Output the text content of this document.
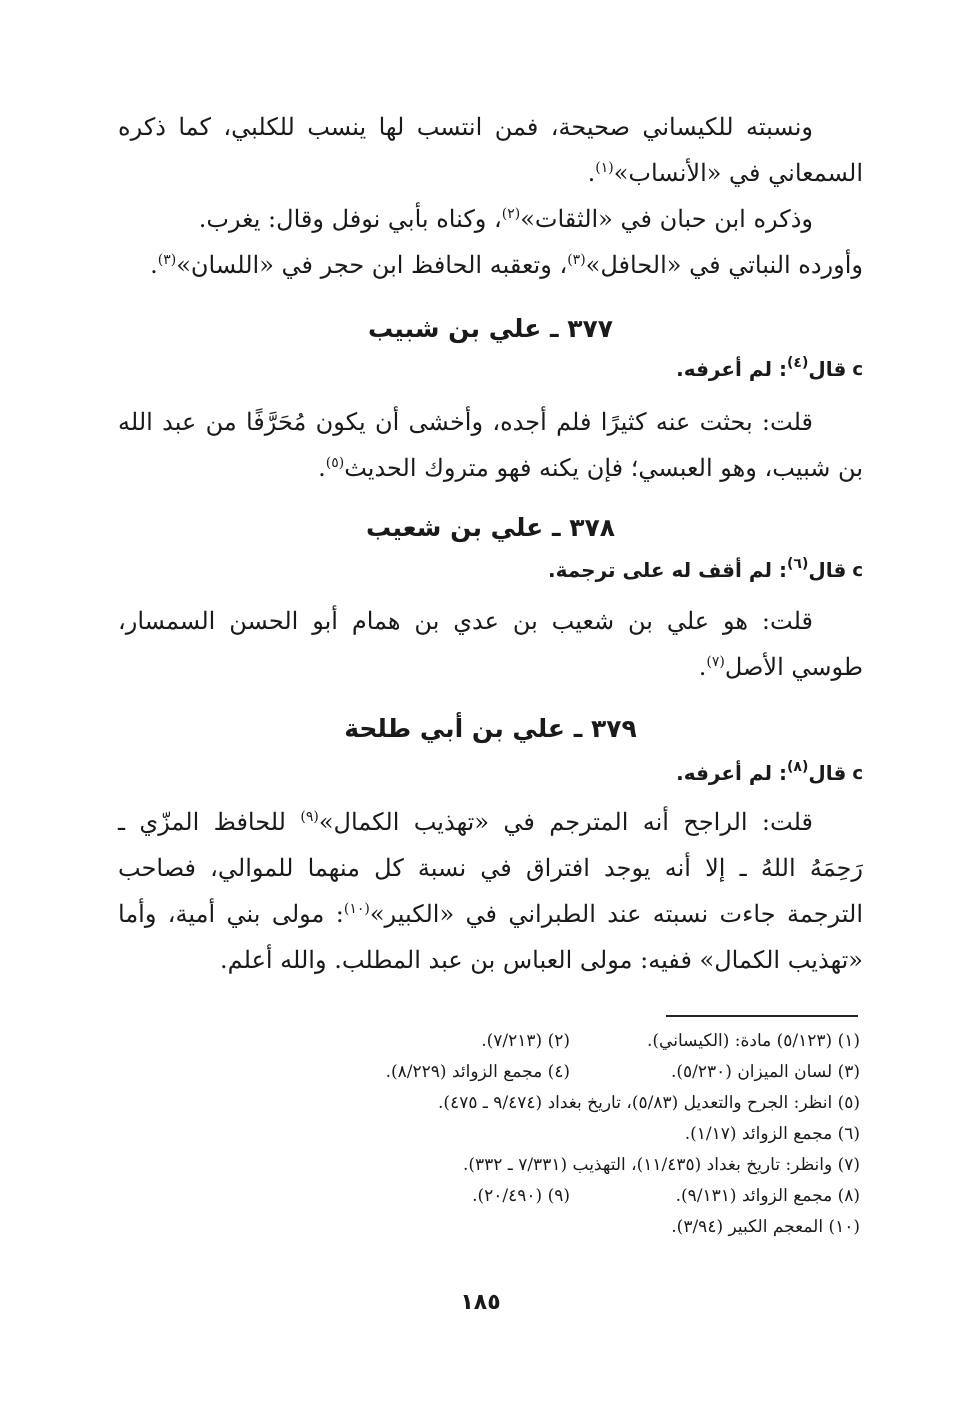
ونسبته للكيساني صحيحة، فمن انتسب لها ينسب للكلبي، كما ذكره السمعاني في «الأنساب»$^{(١)}$.

وذكره ابن حبان في «الثقات»$^{(٢)}$، وكناه بأبي نوفل وقال: يغرب.

وأورده النباتي في «الحافل»$^{(٣)}$، وتعقبه الحافظ ابن حجر في «اللسان»$^{(٣)}$.

٣٧٧ ـ علي بن شبيب

c
قال$^{(٤)}$: لم أعرفه.

قلت: بحثت عنه كثيرًا فلم أجده، وأخشى أن يكون مُحَرَّفًا من عبد الله بن شبيب، وهو العبسي؛ فإن يكنه فهو متروك الحديث$^{(٥)}$.

٣٧٨ ـ علي بن شعيب

c
قال$^{(٦)}$: لم أقف له على ترجمة.

قلت: هو علي بن شعيب بن عدي بن همام أبو الحسن السمسار، طوسي الأصل$^{(٧)}$.

٣٧٩ ـ علي بن أبي طلحة

c
قال$^{(٨)}$: لم أعرفه.

قلت: الراجح أنه المترجم في «تهذيب الكمال»$^{(٩)}$ للحافظ المزّي ـ رَحِمَهُ اللهُ ـ إلا أنه يوجد افتراق في نسبة كل منهما للموالي، فصاحب الترجمة جاءت نسبته عند الطبراني في «الكبير»$^{(١٠)}$: مولى بني أمية، وأما «تهذيب الكمال» ففيه: مولى العباس بن عبد المطلب. والله أعلم.

(١) (٥/١٢٣) مادة: (الكيساني).
(٢) (٧/٢١٣).
(٣) لسان الميزان (٥/٢٣٠).
(٤) مجمع الزوائد (٨/٢٢٩).
(٥) انظر: الجرح والتعديل (٥/٨٣)، تاريخ بغداد (٩/٤٧٤ ـ ٤٧٥).
(٦) مجمع الزوائد (١/١٧).
(٧) وانظر: تاريخ بغداد (١١/٤٣٥)، التهذيب (٧/٣٣١ ـ ٣٣٢).
(٨) مجمع الزوائد (٩/١٣١).
(٩) (٢٠/٤٩٠).
(١٠) المعجم الكبير (٣/٩٤).
١٨٥
